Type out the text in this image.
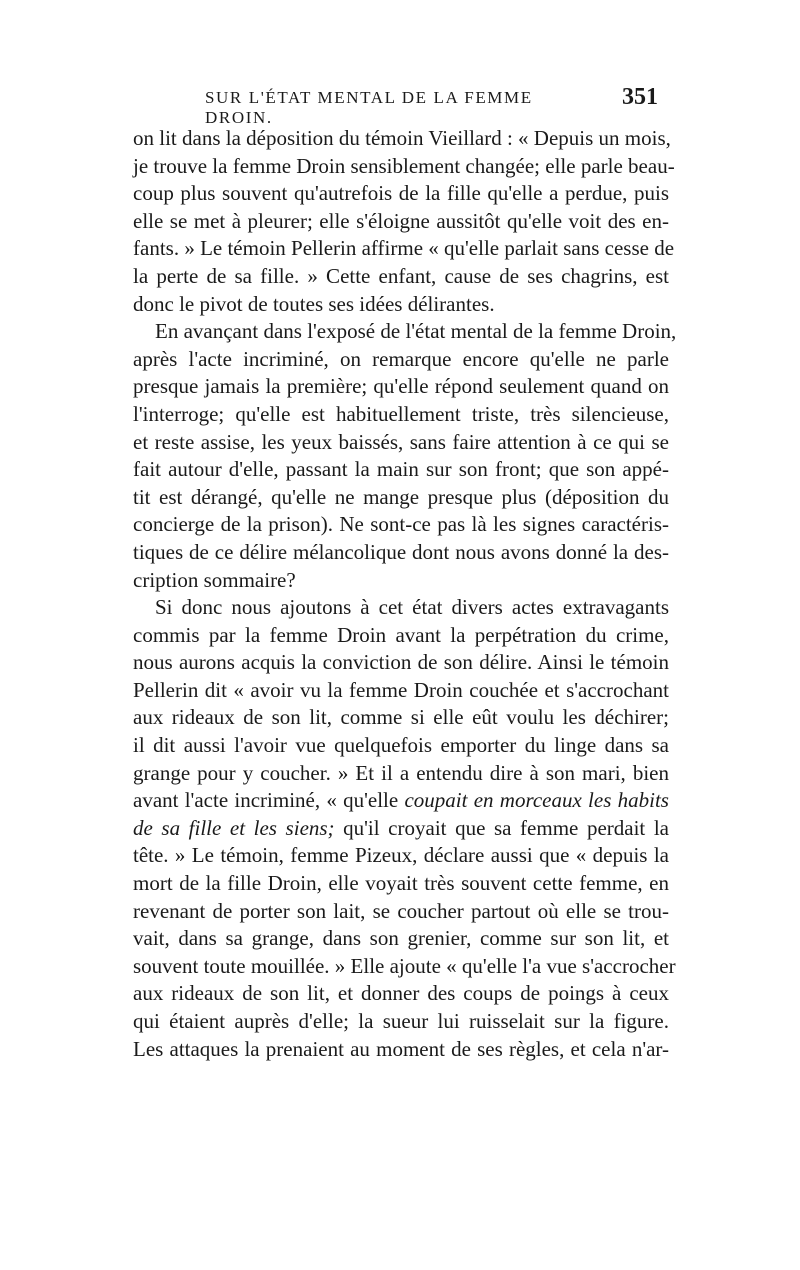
SUR L'ÉTAT MENTAL DE LA FEMME DROIN.
351
on lit dans la déposition du témoin Vieillard : « Depuis un mois,
je trouve la femme Droin sensiblement changée; elle parle beau-
coup plus souvent qu'autrefois de la fille qu'elle a perdue, puis
elle se met à pleurer; elle s'éloigne aussitôt qu'elle voit des en-
fants. » Le témoin Pellerin affirme « qu'elle parlait sans cesse de
la perte de sa fille. » Cette enfant, cause de ses chagrins, est
donc le pivot de toutes ses idées délirantes.
En avançant dans l'exposé de l'état mental de la femme Droin,
après l'acte incriminé, on remarque encore qu'elle ne parle
presque jamais la première; qu'elle répond seulement quand on
l'interroge; qu'elle est habituellement triste, très silencieuse,
et reste assise, les yeux baissés, sans faire attention à ce qui se
fait autour d'elle, passant la main sur son front; que son appé-
tit est dérangé, qu'elle ne mange presque plus (déposition du
concierge de la prison). Ne sont-ce pas là les signes caractéris-
tiques de ce délire mélancolique dont nous avons donné la des-
cription sommaire?
Si donc nous ajoutons à cet état divers actes extravagants
commis par la femme Droin avant la perpétration du crime,
nous aurons acquis la conviction de son délire. Ainsi le témoin
Pellerin dit « avoir vu la femme Droin couchée et s'accrochant
aux rideaux de son lit, comme si elle eût voulu les déchirer;
il dit aussi l'avoir vue quelquefois emporter du linge dans sa
grange pour y coucher. » Et il a entendu dire à son mari, bien
avant l'acte incriminé, « qu'elle coupait en morceaux les habits
de sa fille et les siens; qu'il croyait que sa femme perdait la
tête. » Le témoin, femme Pizeux, déclare aussi que « depuis la
mort de la fille Droin, elle voyait très souvent cette femme, en
revenant de porter son lait, se coucher partout où elle se trou-
vait, dans sa grange, dans son grenier, comme sur son lit, et
souvent toute mouillée. » Elle ajoute « qu'elle l'a vue s'accrocher
aux rideaux de son lit, et donner des coups de poings à ceux
qui étaient auprès d'elle; la sueur lui ruisselait sur la figure.
Les attaques la prenaient au moment de ses règles, et cela n'ar-
